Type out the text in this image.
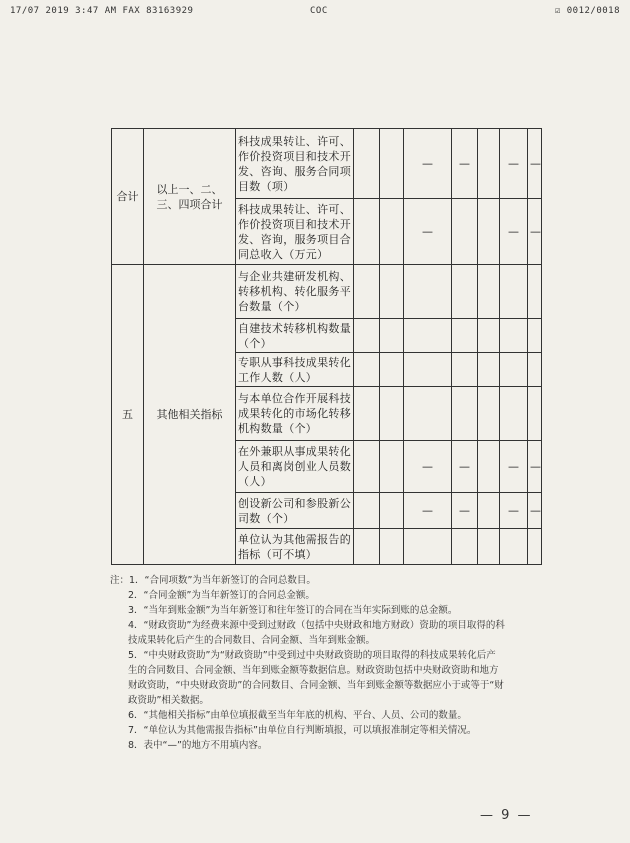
17/07 2019 3:47 AM FAX 83163929	COC	☑ 0012/0018
合计	以上一、二、三、四项合计	科技成果转让、许可、作价投资项目和技术开发、咨询、服务合同项目数（项）			—	—		—	—
		科技成果转让、许可、作价投资项目和技术开发、咨询，服务项目合同总收入（万元）			—			—	—
五	其他相关指标	与企业共建研发机构、转移机构、转化服务平台数量（个）							
		自建技术转移机构数量（个）							
		专职从事科技成果转化工作人数（人）							
		与本单位合作开展科技成果转化的市场化转移机构数量（个）							
		在外兼职从事成果转化人员和离岗创业人员数（人）			—	—		—	—
		创设新公司和参股新公司数（个）			—	—		—	—
		单位认为其他需报告的指标（可不填）							
注：1．“合同项数”为当年新签订的合同总数目。
2．“合同金额”为当年新签订的合同总金额。
3．“当年到账金额”为当年新签订和往年签订的合同在当年实际到账的总金额。
4．“财政资助”为经费来源中受到过财政（包括中央财政和地方财政）资助的项目取得的科
技成果转化后产生的合同数目、合同金额、当年到账金额。
5．“中央财政资助”为“财政资助”中受到过中央财政资助的项目取得的科技成果转化后产
生的合同数目、合同金额、当年到账金额等数据信息。财政资助包括中央财政资助和地方
财政资助，“中央财政资助”的合同数目、合同金额、当年到账金额等数据应小于或等于“财
政资助”相关数据。
6．“其他相关指标”由单位填报截至当年年底的机构、平台、人员、公司的数量。
7．“单位认为其他需报告指标”由单位自行判断填报，可以填报准制定等相关情况。
8．表中“—”的地方不用填内容。
— 9 —
